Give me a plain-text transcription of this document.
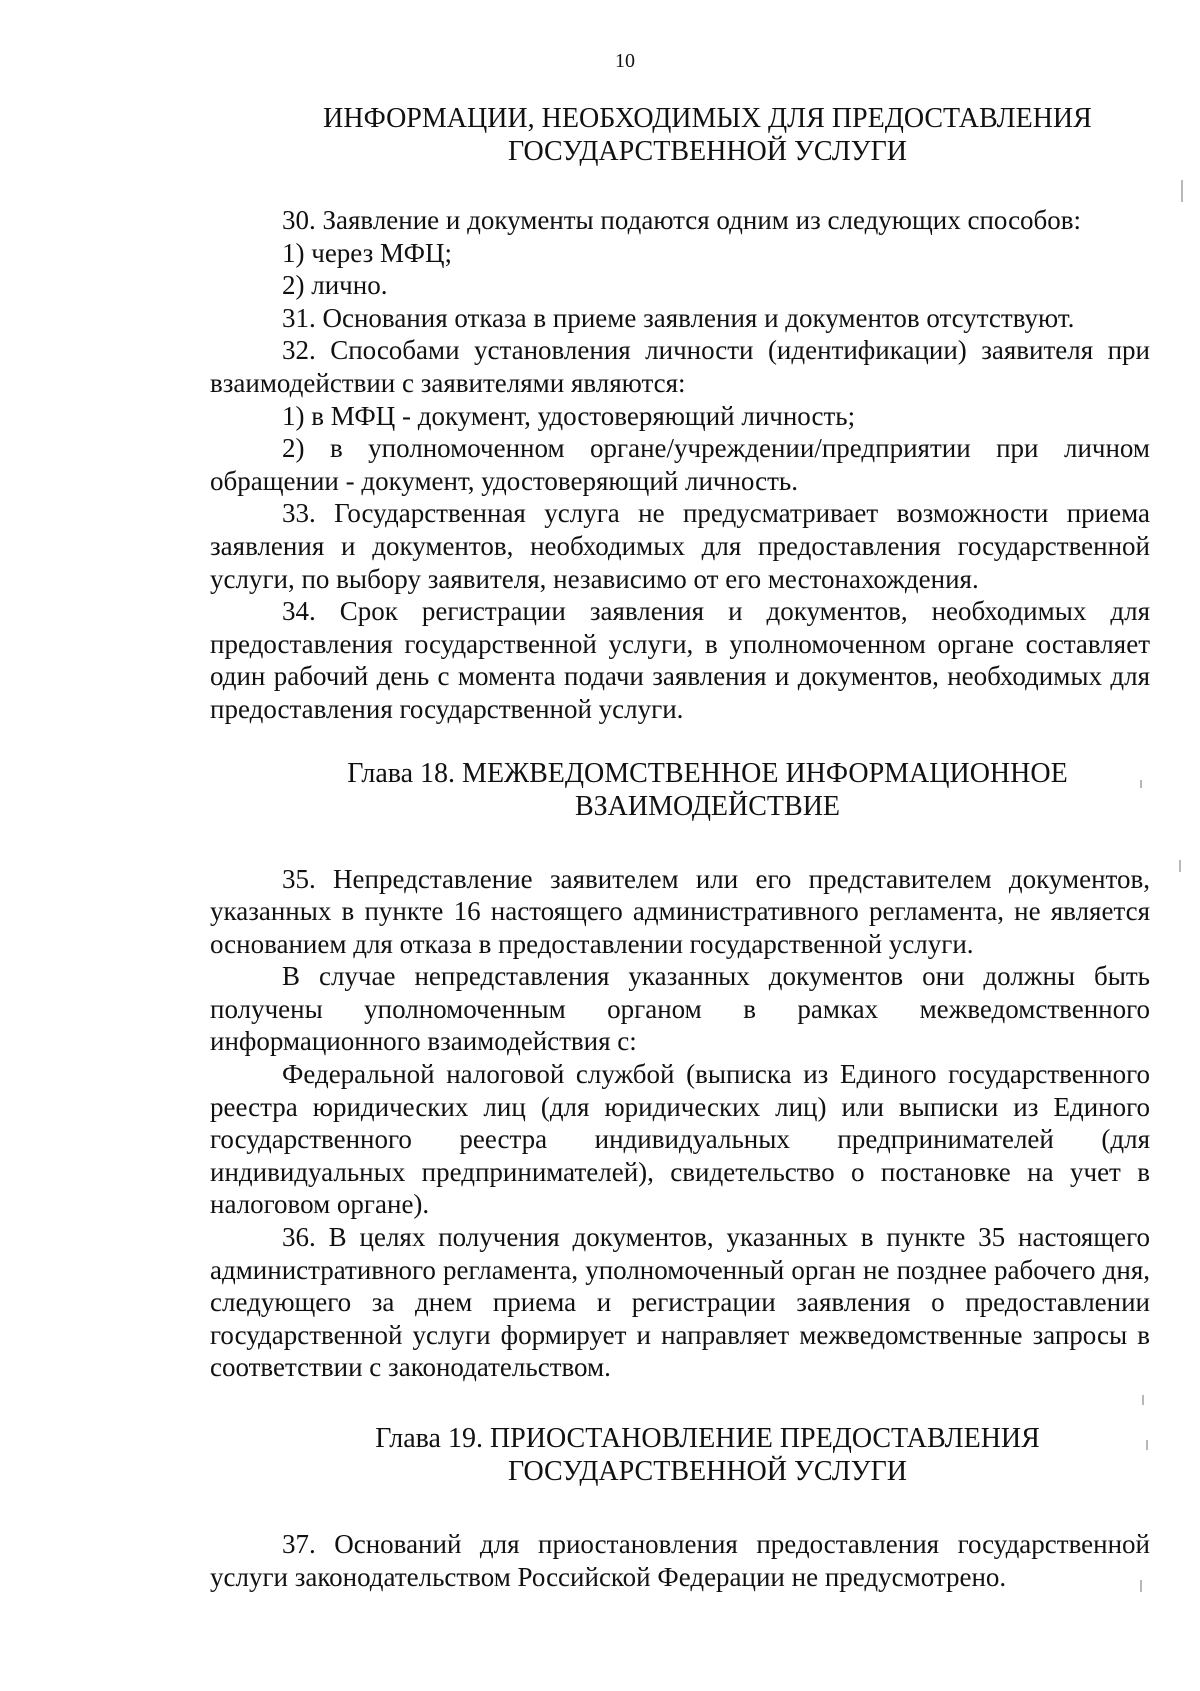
10
ИНФОРМАЦИИ, НЕОБХОДИМЫХ ДЛЯ ПРЕДОСТАВЛЕНИЯ
ГОСУДАРСТВЕННОЙ УСЛУГИ

30. Заявление и документы подаются одним из следующих способов:

1) через МФЦ;

2) лично.

31. Основания отказа в приеме заявления и документов отсутствуют.

32. Способами установления личности (идентификации) заявителя при взаимодействии с заявителями являются:

1) в МФЦ - документ, удостоверяющий личность;

2) в уполномоченном органе/учреждении/предприятии при личном обращении - документ, удостоверяющий личность.

33. Государственная услуга не предусматривает возможности приема заявления и документов, необходимых для предоставления государственной услуги, по выбору заявителя, независимо от его местонахождения.

34. Срок регистрации заявления и документов, необходимых для предоставления государственной услуги, в уполномоченном органе составляет один рабочий день с момента подачи заявления и документов, необходимых для предоставления государственной услуги.

Глава 18. МЕЖВЕДОМСТВЕННОЕ ИНФОРМАЦИОННОЕ
ВЗАИМОДЕЙСТВИЕ

35. Непредставление заявителем или его представителем документов, указанных в пункте 16 настоящего административного регламента, не является основанием для отказа в предоставлении государственной услуги.

В случае непредставления указанных документов они должны быть получены уполномоченным органом в рамках межведомственного информационного взаимодействия с:

Федеральной налоговой службой (выписка из Единого государственного реестра юридических лиц (для юридических лиц) или выписки из Единого государственного реестра индивидуальных предпринимателей (для индивидуальных предпринимателей), свидетельство о постановке на учет в налоговом органе).

36. В целях получения документов, указанных в пункте 35 настоящего административного регламента, уполномоченный орган не позднее рабочего дня, следующего за днем приема и регистрации заявления о предоставлении государственной услуги формирует и направляет межведомственные запросы в соответствии с законодательством.

Глава 19. ПРИОСТАНОВЛЕНИЕ ПРЕДОСТАВЛЕНИЯ
ГОСУДАРСТВЕННОЙ УСЛУГИ

37. Оснований для приостановления предоставления государственной услуги законодательством Российской Федерации не предусмотрено.
